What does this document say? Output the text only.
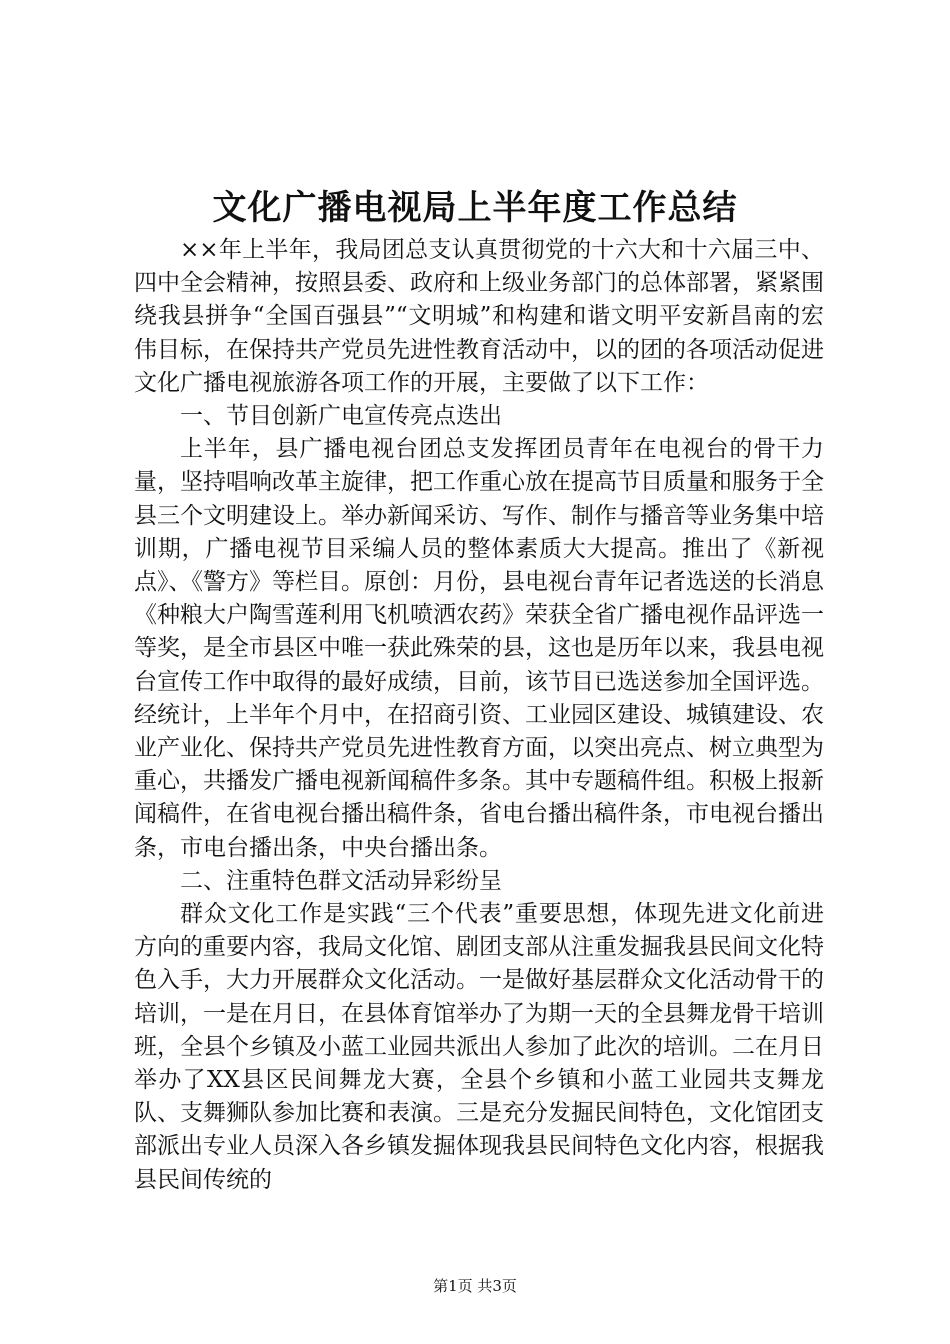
文化广播电视局上半年度工作总结

××年上半年，我局团总支认真贯彻党的十六大和十六届三中、四中全会精神，按照县委、政府和上级业务部门的总体部署，紧紧围绕我县拼争“全国百强县”“文明城”和构建和谐文明平安新昌南的宏伟目标，在保持共产党员先进性教育活动中，以的团的各项活动促进文化广播电视旅游各项工作的开展，主要做了以下工作：

一、节目创新广电宣传亮点迭出

上半年，县广播电视台团总支发挥团员青年在电视台的骨干力量，坚持唱响改革主旋律，把工作重心放在提高节目质量和服务于全县三个文明建设上。举办新闻采访、写作、制作与播音等业务集中培训期，广播电视节目采编人员的整体素质大大提高。推出了《新视点》、《警方》等栏目。原创：月份，县电视台青年记者选送的长消息《种粮大户陶雪莲利用飞机喷洒农药》荣获全省广播电视作品评选一等奖，是全市县区中唯一获此殊荣的县，这也是历年以来，我县电视台宣传工作中取得的最好成绩，目前，该节目已选送参加全国评选。经统计，上半年个月中，在招商引资、工业园区建设、城镇建设、农业产业化、保持共产党员先进性教育方面，以突出亮点、树立典型为重心，共播发广播电视新闻稿件多条。其中专题稿件组。积极上报新闻稿件，在省电视台播出稿件条，省电台播出稿件条，市电视台播出条，市电台播出条，中央台播出条。

二、注重特色群文活动异彩纷呈

群众文化工作是实践“三个代表”重要思想，体现先进文化前进方向的重要内容，我局文化馆、剧团支部从注重发掘我县民间文化特色入手，大力开展群众文化活动。一是做好基层群众文化活动骨干的培训，一是在月日，在县体育馆举办了为期一天的全县舞龙骨干培训班，全县个乡镇及小蓝工业园共派出人参加了此次的培训。二在月日举办了XX县区民间舞龙大赛，全县个乡镇和小蓝工业园共支舞龙队、支舞狮队参加比赛和表演。三是充分发掘民间特色，文化馆团支部派出专业人员深入各乡镇发掘体现我县民间特色文化内容，根据我县民间传统的

第1页 共3页
